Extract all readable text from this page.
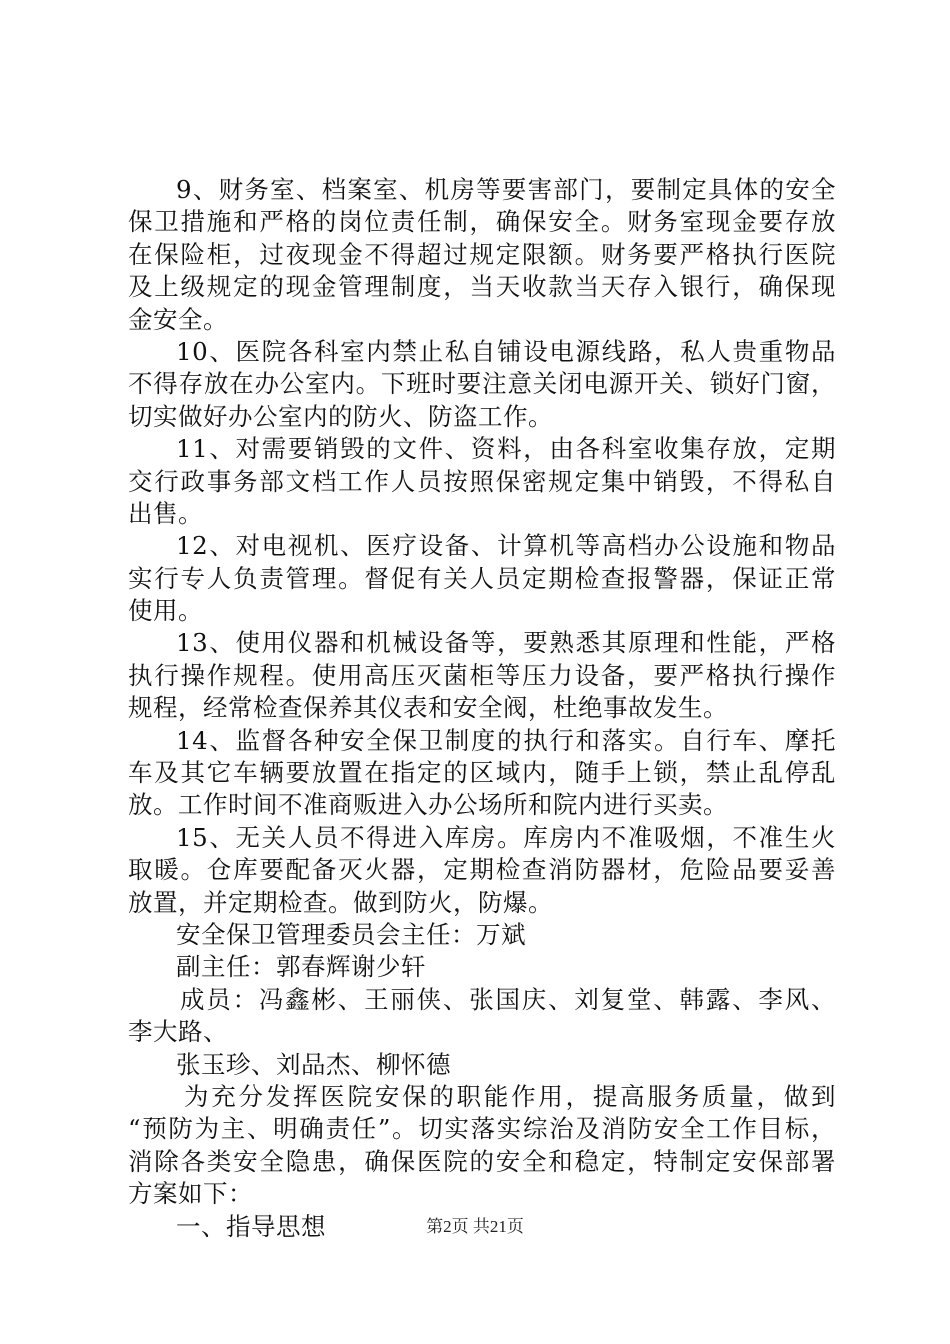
9、财务室、档案室、机房等要害部门，要制定具体的安全
保卫措施和严格的岗位责任制，确保安全。财务室现金要存放
在保险柜，过夜现金不得超过规定限额。财务要严格执行医院
及上级规定的现金管理制度，当天收款当天存入银行，确保现
金安全。
10、医院各科室内禁止私自铺设电源线路，私人贵重物品
不得存放在办公室内。下班时要注意关闭电源开关、锁好门窗，
切实做好办公室内的防火、防盗工作。
11、对需要销毁的文件、资料，由各科室收集存放，定期
交行政事务部文档工作人员按照保密规定集中销毁，不得私自
出售。
12、对电视机、医疗设备、计算机等高档办公设施和物品
实行专人负责管理。督促有关人员定期检查报警器，保证正常
使用。
13、使用仪器和机械设备等，要熟悉其原理和性能，严格
执行操作规程。使用高压灭菌柜等压力设备，要严格执行操作
规程，经常检查保养其仪表和安全阀，杜绝事故发生。
14、监督各种安全保卫制度的执行和落实。自行车、摩托
车及其它车辆要放置在指定的区域内，随手上锁，禁止乱停乱
放。工作时间不准商贩进入办公场所和院内进行买卖。
15、无关人员不得进入库房。库房内不准吸烟，不准生火
取暖。仓库要配备灭火器，定期检查消防器材，危险品要妥善
放置，并定期检查。做到防火，防爆。
安全保卫管理委员会主任：万斌
副主任：郭春辉谢少轩
成员：冯鑫彬、王丽侠、张国庆、刘复堂、韩露、李风、
李大路、
张玉珍、刘品杰、柳怀德
为充分发挥医院安保的职能作用，提高服务质量，做到
“预防为主、明确责任”。切实落实综治及消防安全工作目标，
消除各类安全隐患，确保医院的安全和稳定，特制定安保部署
方案如下：
一、指导思想	第2页 共21页
